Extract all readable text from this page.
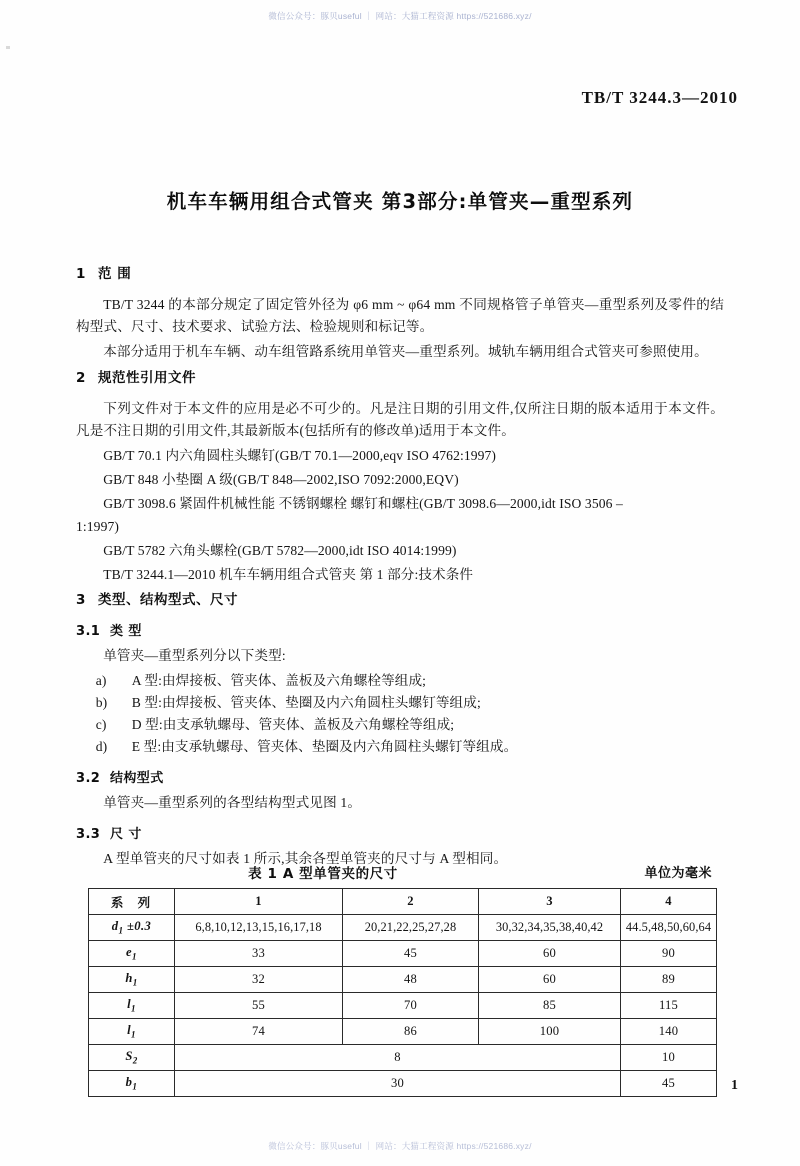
微信公众号：豚贝useful ｜ 网站：大猫工程资源 https://521686.xyz/
TB/T 3244.3—2010
机车车辆用组合式管夹 第3部分:单管夹—重型系列
1 范 围

TB/T 3244 的本部分规定了固定管外径为 φ6 mm ~ φ64 mm 不同规格管子单管夹—重型系列及零件的结构型式、尺寸、技术要求、试验方法、检验规则和标记等。

本部分适用于机车车辆、动车组管路系统用单管夹—重型系列。城轨车辆用组合式管夹可参照使用。

2 规范性引用文件

下列文件对于本文件的应用是必不可少的。凡是注日期的引用文件,仅所注日期的版本适用于本文件。凡是不注日期的引用文件,其最新版本(包括所有的修改单)适用于本文件。

GB/T 70.1 内六角圆柱头螺钉(GB/T 70.1—2000,eqv ISO 4762:1997)

GB/T 848 小垫圈 A 级(GB/T 848—2002,ISO 7092:2000,EQV)

GB/T 3098.6 紧固件机械性能 不锈钢螺栓 螺钉和螺柱(GB/T 3098.6—2000,idt ISO 3506 –

1:1997)

GB/T 5782 六角头螺栓(GB/T 5782—2000,idt ISO 4014:1999)

TB/T 3244.1—2010 机车车辆用组合式管夹 第 1 部分:技术条件

3 类型、结构型式、尺寸
3.1 类 型

单管夹—重型系列分以下类型:

a) A 型:由焊接板、管夹体、盖板及六角螺栓等组成;
b) B 型:由焊接板、管夹体、垫圈及内六角圆柱头螺钉等组成;
c) D 型:由支承轨螺母、管夹体、盖板及六角螺栓等组成;
d) E 型:由支承轨螺母、管夹体、垫圈及内六角圆柱头螺钉等组成。
3.2 结构型式

单管夹—重型系列的各型结构型式见图 1。

3.3 尺 寸

A 型单管夹的尺寸如表 1 所示,其余各型单管夹的尺寸与 A 型相同。

表 1 A 型单管夹的尺寸	单位为毫米
系 列	1	2	3	4
$d_1 \pm 0.3$	6,8,10,12,13,15,16,17,18	20,21,22,25,27,28	30,32,34,35,38,40,42	44.5,48,50,60,64
$e_1$	33	45	60	90
$h_1$	32	48	60	89
$l_1$	55	70	85	115
$l_1$	74	86	100	140
$S_2$	8			10
$b_1$	30			45	1
微信公众号：豚贝useful ｜ 网站：大猫工程资源 https://521686.xyz/
